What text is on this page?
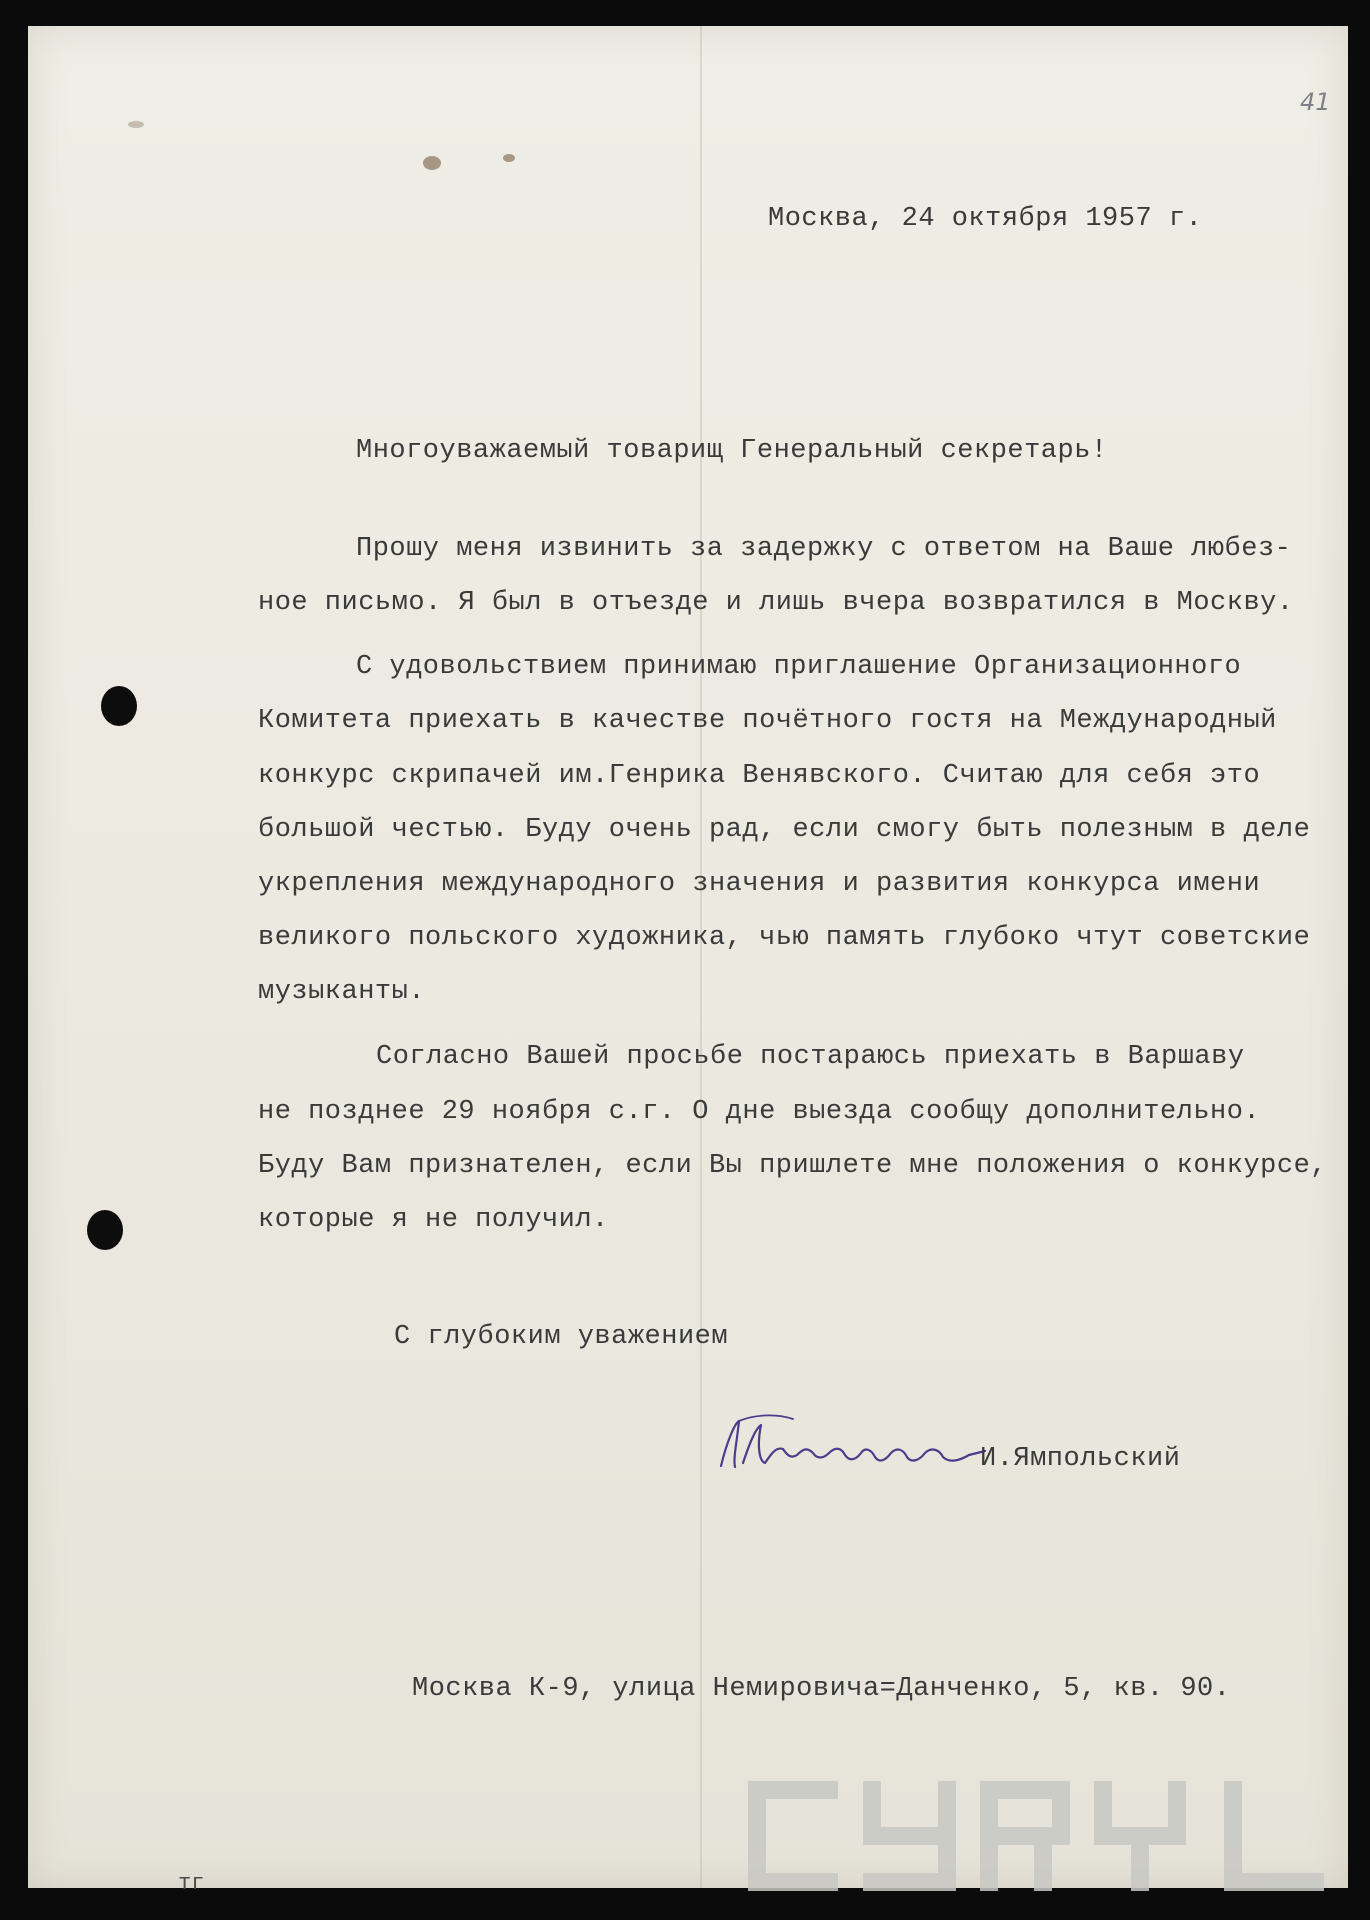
41
Москва, 24 октября 1957 г.
Многоуважаемый товарищ Генеральный секретарь!
Прошу меня извинить за задержку с ответом на Ваше любез-
ное письмо. Я был в отъезде и лишь вчера возвратился в Москву.
С удовольствием принимаю приглашение Организационного
Комитета приехать в качестве почётного гостя на Международный
конкурс скрипачей им.Генрика Венявского. Считаю для себя это
большой честью. Буду очень рад, если смогу быть полезным в деле
укрепления международного значения и развития конкурса имени
великого польского художника, чью память глубоко чтут советские
музыканты.
Согласно Вашей просьбе постараюсь приехать в Варшаву
не позднее 29 ноября с.г. О дне выезда сообщу дополнительно.
Буду Вам признателен, если Вы пришлете мне положения о конкурсе,
которые я не получил.
С глубоким уважением
И.Ямпольский
Москва К-9, улица Немировича=Данченко, 5, кв. 90.
тг
